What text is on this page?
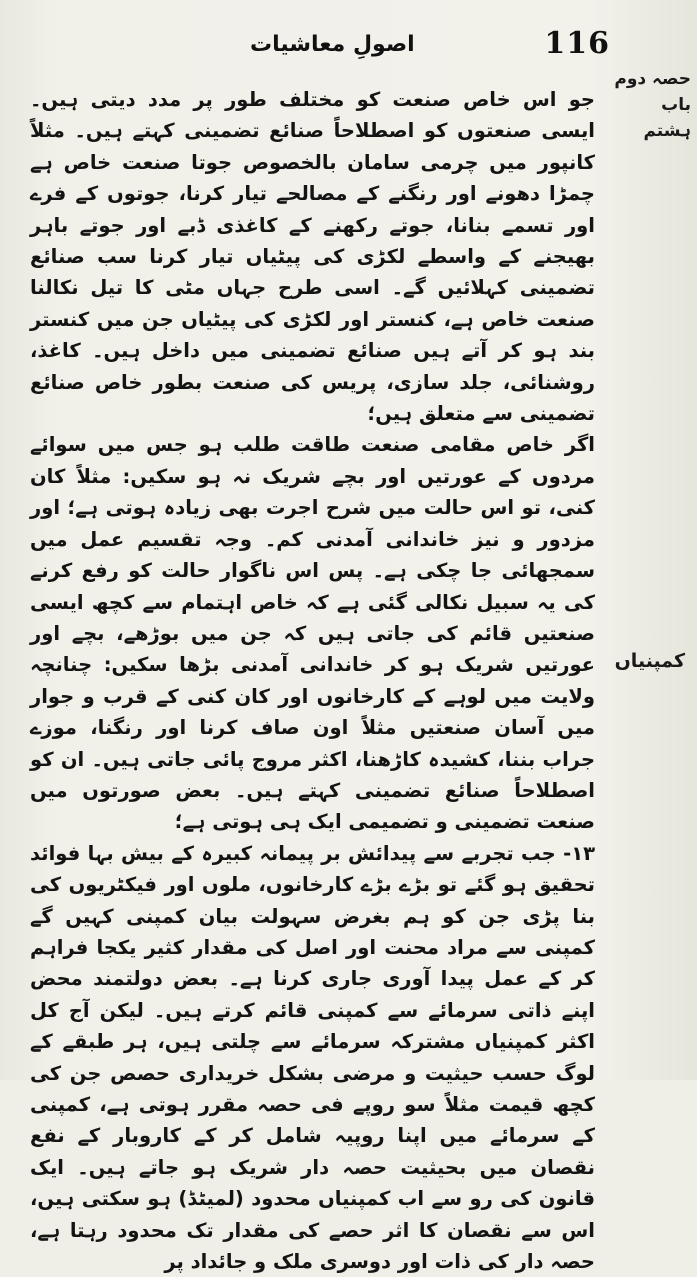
اصولِ معاشیات	116
حصہ دوم
باب ہشتم
کمپنیاں

جو اس خاص صنعت کو مختلف طور پر مدد دیتی ہیں۔ ایسی صنعتوں کو اصطلاحاً صنائع تضمینی کہتے ہیں۔ مثلاً کانپور میں چرمی سامان بالخصوص جوتا صنعت خاص ہے چمڑا دھونے اور رنگنے کے مصالحے تیار کرنا، جوتوں کے فرے اور تسمے بنانا، جوتے رکھنے کے کاغذی ڈبے اور جوتے باہر بھیجنے کے واسطے لکڑی کی پیٹیاں تیار کرنا سب صنائع تضمینی کہلائیں گے۔ اسی طرح جہاں مٹی کا تیل نکالنا صنعت خاص ہے، کنستر اور لکڑی کی پیٹیاں جن میں کنستر بند ہو کر آتے ہیں صنائع تضمینی میں داخل ہیں۔ کاغذ، روشنائی، جلد سازی، پریس کی صنعت بطور خاص صنائع تضمینی سے متعلق ہیں؛

اگر خاص مقامی صنعت طاقت طلب ہو جس میں سوائے مردوں کے عورتیں اور بچے شریک نہ ہو سکیں: مثلاً کان کنی، تو اس حالت میں شرح اجرت بھی زیادہ ہوتی ہے؛ اور مزدور و نیز خاندانی آمدنی کم۔ وجہ تقسیم عمل میں سمجھائی جا چکی ہے۔ پس اس ناگوار حالت کو رفع کرنے کی یہ سبیل نکالی گئی ہے کہ خاص اہتمام سے کچھ ایسی صنعتیں قائم کی جاتی ہیں کہ جن میں بوڑھے، بچے اور عورتیں شریک ہو کر خاندانی آمدنی بڑھا سکیں: چنانچہ ولایت میں لوہے کے کارخانوں اور کان کنی کے قرب و جوار میں آسان صنعتیں مثلاً اون صاف کرنا اور رنگنا، موزے جراب بننا، کشیدہ کاڑھنا، اکثر مروج پائی جاتی ہیں۔ ان کو اصطلاحاً صنائع تضمینی کہتے ہیں۔ بعض صورتوں میں صنعت تضمینی و تضمیمی ایک ہی ہوتی ہے؛

۱۳- جب تجربے سے پیدائش بر پیمانہ کبیرہ کے بیش بہا فوائد تحقیق ہو گئے تو بڑے بڑے کارخانوں، ملوں اور فیکٹریوں کی بنا پڑی جن کو ہم بغرض سہولت بیان کمپنی کہیں گے کمپنی سے مراد محنت اور اصل کی مقدار کثیر یکجا فراہم کر کے عمل پیدا آوری جاری کرنا ہے۔ بعض دولتمند محض اپنے ذاتی سرمائے سے کمپنی قائم کرتے ہیں۔ لیکن آج کل اکثر کمپنیاں مشترکہ سرمائے سے چلتی ہیں، ہر طبقے کے لوگ حسب حیثیت و مرضی بشکل خریداری حصص جن کی کچھ قیمت مثلاً سو روپے فی حصہ مقرر ہوتی ہے، کمپنی کے سرمائے میں اپنا روپیہ شامل کر کے کاروبار کے نفع نقصان میں بحیثیت حصہ دار شریک ہو جاتے ہیں۔ ایک قانون کی رو سے اب کمپنیاں محدود (لمیٹڈ) ہو سکتی ہیں، اس سے نقصان کا اثر حصے کی مقدار تک محدود رہتا ہے، حصہ دار کی ذات اور دوسری ملک و جائداد پر
